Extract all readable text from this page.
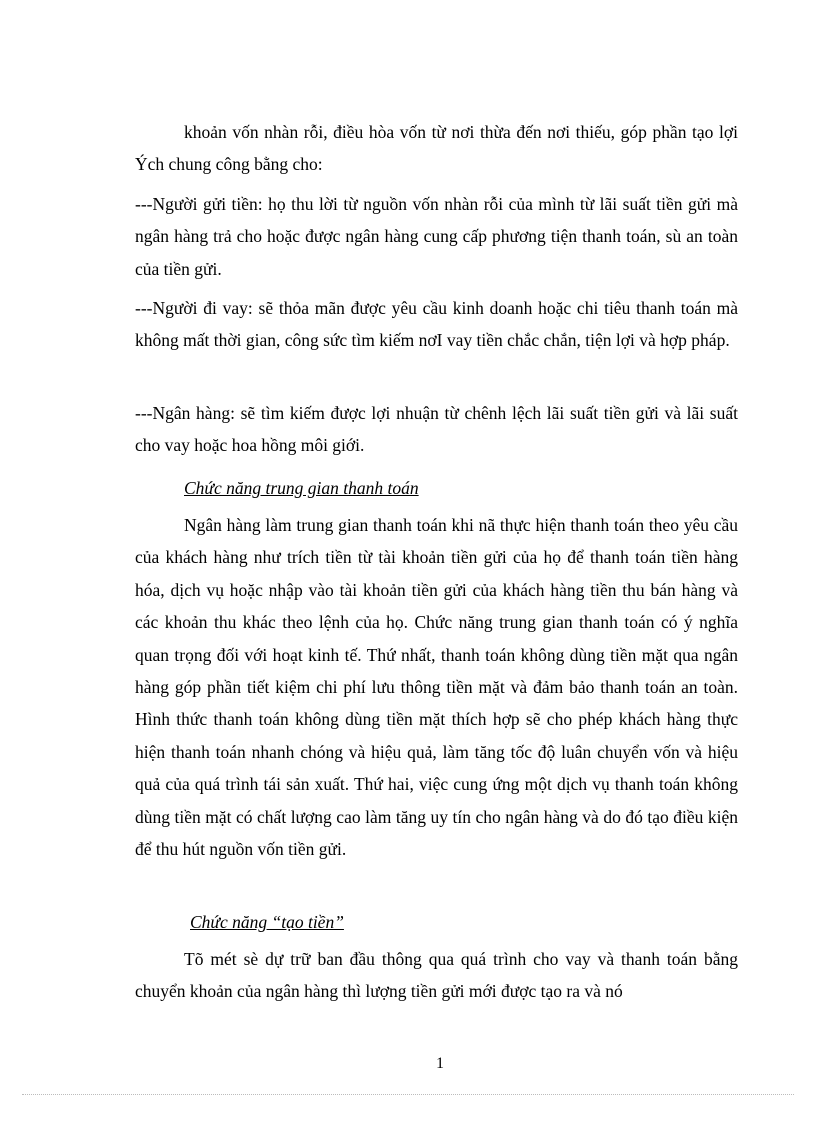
khoản vốn nhàn rỗi, điều hòa vốn từ nơi thừa đến nơi thiếu, góp phần tạo lợi Ých chung công bằng cho:

---Người gửi tiền: họ thu lời từ nguồn vốn nhàn rỗi của mình từ lãi suất tiền gửi mà ngân hàng trả cho hoặc được ngân hàng cung cấp phương tiện thanh toán, sù an toàn của tiền gửi.

---Người đi vay: sẽ thỏa mãn được yêu cầu kinh doanh hoặc chi tiêu thanh toán mà không mất thời gian, công sức tìm kiếm nơI vay tiền chắc chắn, tiện lợi và hợp pháp.

---Ngân hàng: sẽ tìm kiếm được lợi nhuận từ chênh lệch lãi suất tiền gửi và lãi suất cho vay hoặc hoa hồng môi giới.

Chức năng trung gian thanh toán

Ngân hàng làm trung gian thanh toán khi nã thực hiện thanh toán theo yêu cầu của khách hàng như trích tiền từ tài khoản tiền gửi của họ để thanh toán tiền hàng hóa, dịch vụ hoặc nhập vào tài khoản tiền gửi của khách hàng tiền thu bán hàng và các khoản thu khác theo lệnh của họ. Chức năng trung gian thanh toán có ý nghĩa quan trọng đối với hoạt kinh tế. Thứ nhất, thanh toán không dùng tiền mặt qua ngân hàng góp phần tiết kiệm chi phí lưu thông tiền mặt và đảm bảo thanh toán an toàn. Hình thức thanh toán không dùng tiền mặt thích hợp sẽ cho phép khách hàng thực hiện thanh toán nhanh chóng và hiệu quả, làm tăng tốc độ luân chuyển vốn và hiệu quả của quá trình tái sản xuất. Thứ hai, việc cung ứng một dịch vụ thanh toán không dùng tiền mặt có chất lượng cao làm tăng uy tín cho ngân hàng và do đó tạo điều kiện để thu hút nguồn vốn tiền gửi.

Chức năng “tạo tiền”

Tõ mét sè dự trữ ban đầu thông qua quá trình cho vay và thanh toán bằng chuyển khoản của ngân hàng thì lượng tiền gửi mới được tạo ra và nó

1
